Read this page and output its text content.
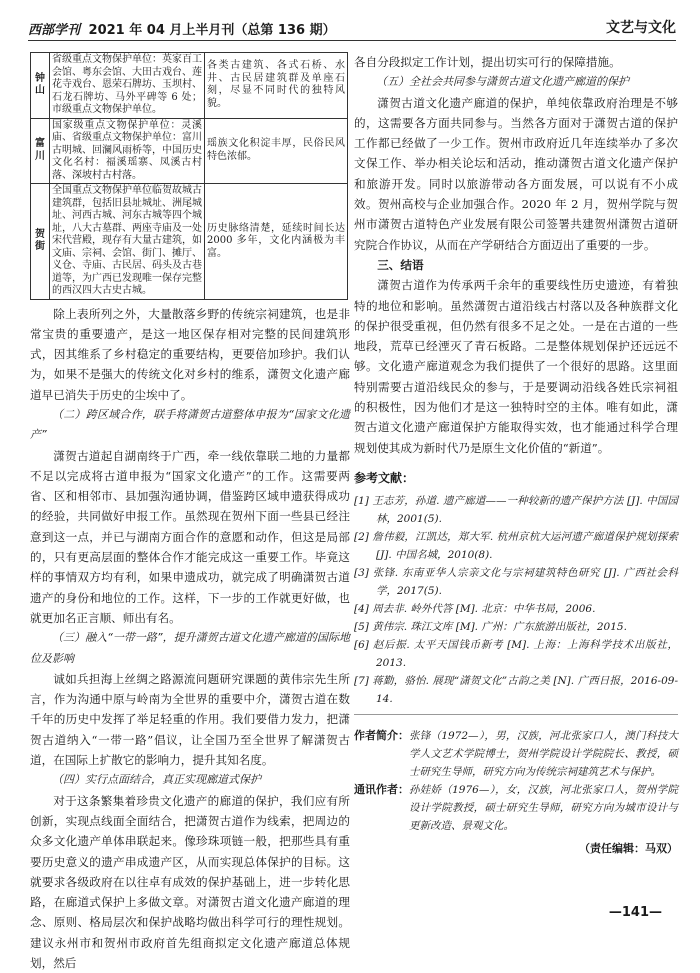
西部学刊 2021 年 04 月上半月刊（总第 136 期）	文艺与文化
钟山	省级重点文物保护单位：英家百工会馆、粤东会馆、大田古戏台、莲花寺戏台、恩荣石牌坊、玉坝村、石龙石牌坊、马外平碑等 6 处；市级重点文物保护单位。	各类古建筑、各式石桥、水井、古民居建筑群及单座石刻，尽显不同时代的独特风貌。
富川	国家级重点文物保护单位：灵溪庙、省级重点文物保护单位：富川古明城、回澜风雨桥等，中国历史文化名村：福溪瑶寨、凤溪古村落、深坡村古村落。	瑶族文化积淀丰厚，民俗民风特色浓郁。
贺街	全国重点文物保护单位临贺故城古建筑群，包括旧县址城址、洲尾城址、河西古城、河东古城等四个城址，八大古墓群、两座寺庙及一处宋代营殿，现存有大量古建筑，如文庙、宗祠、会馆、街门、摊厅、义仓、寺庙、古民居、码头及古巷道等，为广西已发现唯一保存完整的西汉四大古史古城。	历史脉络清楚，延续时间长达 2000 多年，文化内涵极为丰富。

除上表所列之外，大量散落乡野的传统宗祠建筑，也是非常宝贵的重要遗产，是这一地区保存相对完整的民间建筑形式，因其维系了乡村稳定的重要结构，更要倍加珍护。我们认为，如果不是强大的传统文化对乡村的维系，潇贺文化遗产廊道早已消失于历史的尘埃中了。

（二）跨区域合作，联手将潇贺古道整体申报为“国家文化遗产”

潇贺古道起自湖南终于广西，牵一线依靠联二地的力量都不足以完成将古道申报为“国家文化遗产”的工作。这需要两省、区和相邻市、县加强沟通协调，借鉴跨区域申遗获得成功的经验，共同做好申报工作。虽然现在贺州下面一些县已经注意到这一点，并已与湖南方面合作的意愿和动作，但这是局部的，只有更高层面的整体合作才能完成这一重要工作。毕竟这样的事情双方均有利，如果申遗成功，就完成了明确潇贺古道遗产的身份和地位的工作。这样，下一步的工作就更好做，也就更加名正言顺、师出有名。

（三）融入“一带一路”，提升潇贺古道文化遗产廊道的国际地位及影响

诚如兵担海上丝绸之路源流问题研究课题的黄伟宗先生所言，作为沟通中原与岭南为全世界的重要中介，潇贺古道在数千年的历史中发挥了举足轻重的作用。我们要借力发力，把潇贺古道纳入“一带一路”倡议，让全国乃至全世界了解潇贺古道，在国际上扩散它的影响力，提升其知名度。

（四）实行点面结合，真正实现廊道式保护

对于这条繁集着珍贵文化遗产的廊道的保护，我们应有所创新，实现点线面全面结合，把潇贺古道作为线索，把周边的众多文化遗产单体串联起来。像珍珠项链一般，把那些具有重要历史意义的遗产串成遗产区，从而实现总体保护的目标。这就要求各级政府在以往卓有成效的保护基础上，进一步转化思路，在廊道式保护上多做文章。对潇贺古道文化遗产廊道的理念、原则、格局层次和保护战略均做出科学可行的理性规划。建议永州市和贺州市政府首先组商拟定文化遗产廊道总体规划，然后

各自分段拟定工作计划，提出切实可行的保障措施。

（五）全社会共同参与潇贺古道文化遗产廊道的保护

潇贺古道文化遗产廊道的保护，单纯依靠政府治理是不够的，这需要各方面共同参与。当然各方面对于潇贺古道的保护工作都已经做了一少工作。贺州市政府近几年连续举办了多次文保工作、举办相关论坛和活动，推动潇贺古道文化遗产保护和旅游开发。同时以旅游带动各方面发展，可以说有不小成效。贺州高校与企业加强合作。2020 年 2 月，贺州学院与贺州市潇贺古道特色产业发展有限公司签署共建贺州潇贺古道研究院合作协议，从而在产学研结合方面迈出了重要的一步。

三、结语

潇贺古道作为传承两千余年的重要线性历史遗迹，有着独特的地位和影响。虽然潇贺古道沿线古村落以及各种族群文化的保护很受重视，但仍然有很多不足之处。一是在古道的一些地段，荒草已经湮灭了青石板路。二是整体规划保护还远远不够。文化遗产廊道观念为我们提供了一个很好的思路。这里面特别需要古道沿线民众的参与，于是要调动沿线各姓氏宗祠祖的积极性，因为他们才是这一独特时空的主体。唯有如此，潇贺古道文化遗产廊道保护方能取得实效，也才能通过科学合理规划使其成为新时代乃是原生文化价值的“新道”。

参考文献：
[1] 王志芳，孙道. 遗产廊道——一种较新的遗产保护方法 [J]. 中国园林，2001(5).
[2] 詹伟毅，江凯达，郑大军. 杭州京杭大运河遗产廊道保护规划探索 [J]. 中国名城，2010(8).
[3] 张锋. 东南亚华人宗亲文化与宗祠建筑特色研究 [J]. 广西社会科学，2017(5).
[4] 周去非. 岭外代答 [M]. 北京：中华书局，2006.
[5] 黄伟宗. 珠江文库 [M]. 广州：广东旅游出版社，2015.
[6] 赵后振. 太平天国钱币新考 [M]. 上海：上海科学技术出版社，2013.
[7] 蒋勤，骆怡. 展现“潇贺文化”古韵之美 [N]. 广西日报，2016-09-14.
作者简介： 张锋（1972—），男，汉族，河北张家口人，澳门科技大学人文艺术学院博士，贺州学院设计学院院长、教授，硕士研究生导师，研究方向为传统宗祠建筑艺术与保护。
通讯作者： 孙娃娇（1976—），女，汉族，河北张家口人，贺州学院设计学院教授，硕士研究生导师，研究方向为城市设计与更新改造、景观文化。
（责任编辑：马双）
—141—
